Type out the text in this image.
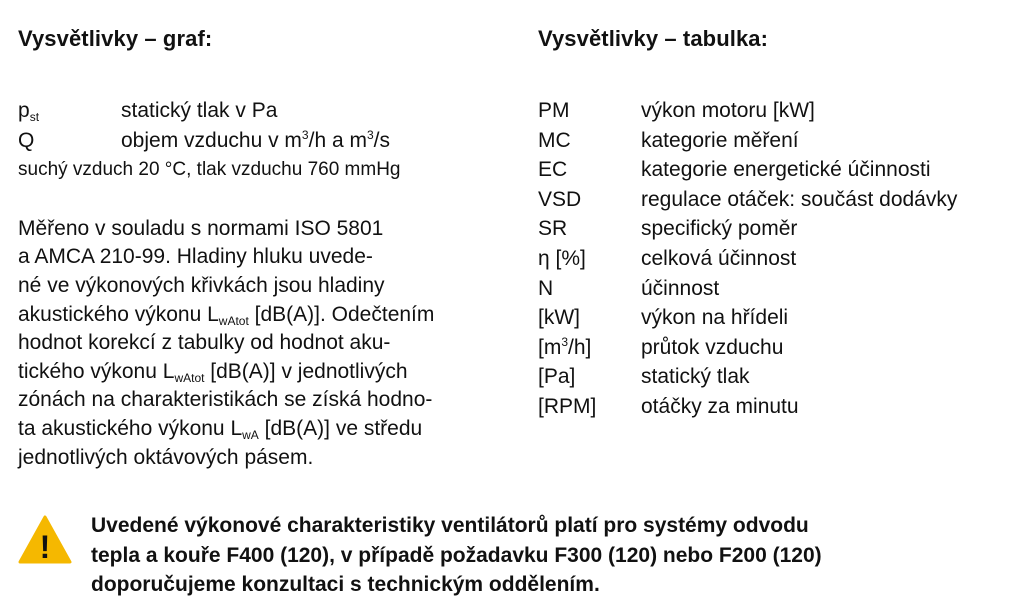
Vysvětlivky – graf:
$p_{st}$	statický tlak v Pa
Q	objem vzduchu v $m^3/h$ a $m^3/s$
suchý vzduch 20 °C, tlak vzduchu 760 mmHg
Měřeno v souladu s normami ISO 5801
a AMCA 210-99. Hladiny hluku uvede-
né ve výkonových křivkách jsou hladiny
akustického výkonu $L_{wAtot}$ [dB(A)]. Odečtením
hodnot korekcí z tabulky od hodnot aku-
tického výkonu $L_{wAtot}$ [dB(A)] v jednotlivých
zónách na charakteristikách se získá hodno-
ta akustického výkonu $L_{wA}$ [dB(A)] ve středu
jednotlivých oktávových pásem.
Vysvětlivky – tabulka:
PM	výkon motoru [kW]
MC	kategorie měření
EC	kategorie energetické účinnosti
VSD	regulace otáček: součást dodávky
SR	specifický poměr
η [%]	celková účinnost
N	účinnost
[kW]	výkon na hřídeli
$[m^3/h]$ průtok vzduchu
[Pa]	statický tlak
[RPM] otáčky za minutu
!
Uvedené výkonové charakteristiky ventilátorů platí pro systémy odvodu
tepla a kouře F400 (120), v případě požadavku F300 (120) nebo F200 (120)
doporučujeme konzultaci s technickým oddělením.
